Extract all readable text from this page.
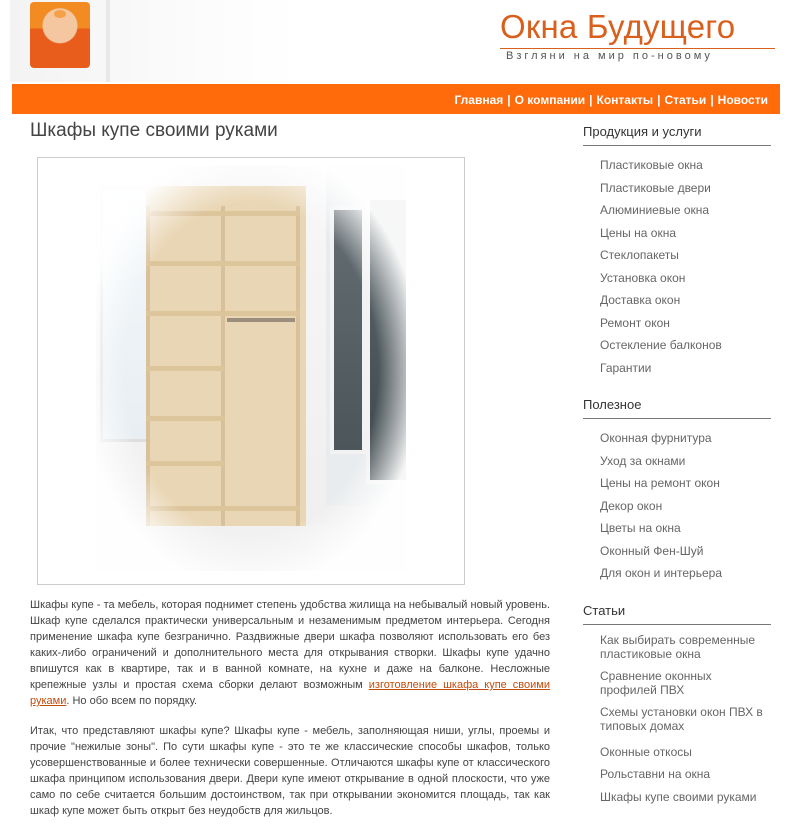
Окна Будущего
Взгляни на мир по-новому
Главная | О компании | Контакты | Статьи | Новости
Шкафы купе своими руками

Шкафы купе - та мебель, которая поднимет степень удобства жилища на небывалый новый уровень. Шкаф купе сделался практически универсальным и незаменимым предметом интерьера. Сегодня применение шкафа купе безгранично. Раздвижные двери шкафа позволяют использовать его без каких-либо ограничений и дополнительного места для открывания створки. Шкафы купе удачно впишутся как в квартире, так и в ванной комнате, на кухне и даже на балконе. Несложные крепежные узлы и простая схема сборки делают возможным изготовление шкафа купе своими руками. Но обо всем по порядку.

Итак, что представляют шкафы купе? Шкафы купе - мебель, заполняющая ниши, углы, проемы и прочие "нежилые зоны". По сути шкафы купе - это те же классические способы шкафов, только усовершенствованные и более технически совершенные. Отличаются шкафы купе от классического шкафа принципом использования двери. Двери купе имеют открывание в одной плоскости, что уже само по себе считается большим достоинством, так при открывании экономится площадь, так как шкаф купе может быть открыт без неудобств для жильцов.

Продукция и услуги
Пластиковые окна
Пластиковые двери
Алюминиевые окна
Цены на окна
Стеклопакеты
Установка окон
Доставка окон
Ремонт окон
Остекление балконов
Гарантии
Полезное
Оконная фурнитура
Уход за окнами
Цены на ремонт окон
Декор окон
Цветы на окна
Оконный Фен-Шуй
Для окон и интерьера
Статьи
Как выбирать современные пластиковые окна
Сравнение оконных профилей ПВХ
Схемы установки окон ПВХ в типовых домах
Оконные откосы
Рольставни на окна
Шкафы купе своими руками
